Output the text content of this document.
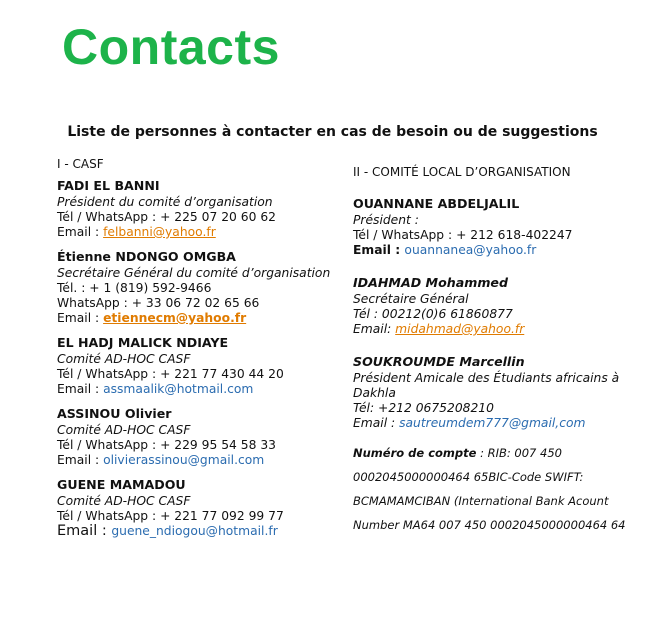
Contacts
Liste de personnes à contacter en cas de besoin ou de suggestions
I - CASF
FADI EL BANNI
Président du comité d’organisation
Tél / WhatsApp : + 225 07 20 60 62
Email : felbanni@yahoo.fr
Étienne NDONGO OMGBA
Secrétaire Général du comité d’organisation
Tél. : + 1 (819) 592-9466
WhatsApp : + 33 06 72 02 65 66
Email : etiennecm@yahoo.fr
EL HADJ MALICK NDIAYE
Comité AD-HOC CASF
Tél / WhatsApp : + 221 77 430 44 20
Email : assmaalik@hotmail.com
ASSINOU Olivier
Comité AD-HOC CASF
Tél / WhatsApp : + 229 95 54 58 33
Email : olivierassinou@gmail.com
GUENE MAMADOU
Comité AD-HOC CASF
Tél / WhatsApp : + 221 77 092 99 77
Email : guene_ndiogou@hotmail.fr
II - COMITÉ LOCAL D’ORGANISATION
OUANNANE ABDELJALIL
Président :
Tél / WhatsApp : + 212 618-402247
Email : ouannanea@yahoo.fr
IDAHMAD Mohammed
Secrétaire Général
Tél : 00212(0)6 61860877
Email: midahmad@yahoo.fr
SOUKROUMDE Marcellin
Président Amicale des Étudiants africains à
Dakhla
Tél: +212 0675208210
Email : sautreumdem777@gmail,com
Numéro de compte : RIB: 007 450
0002045000000464 65BIC-Code SWIFT:
BCMAMAMCIBAN (International Bank Acount
Number MA64 007 450 0002045000000464 64
